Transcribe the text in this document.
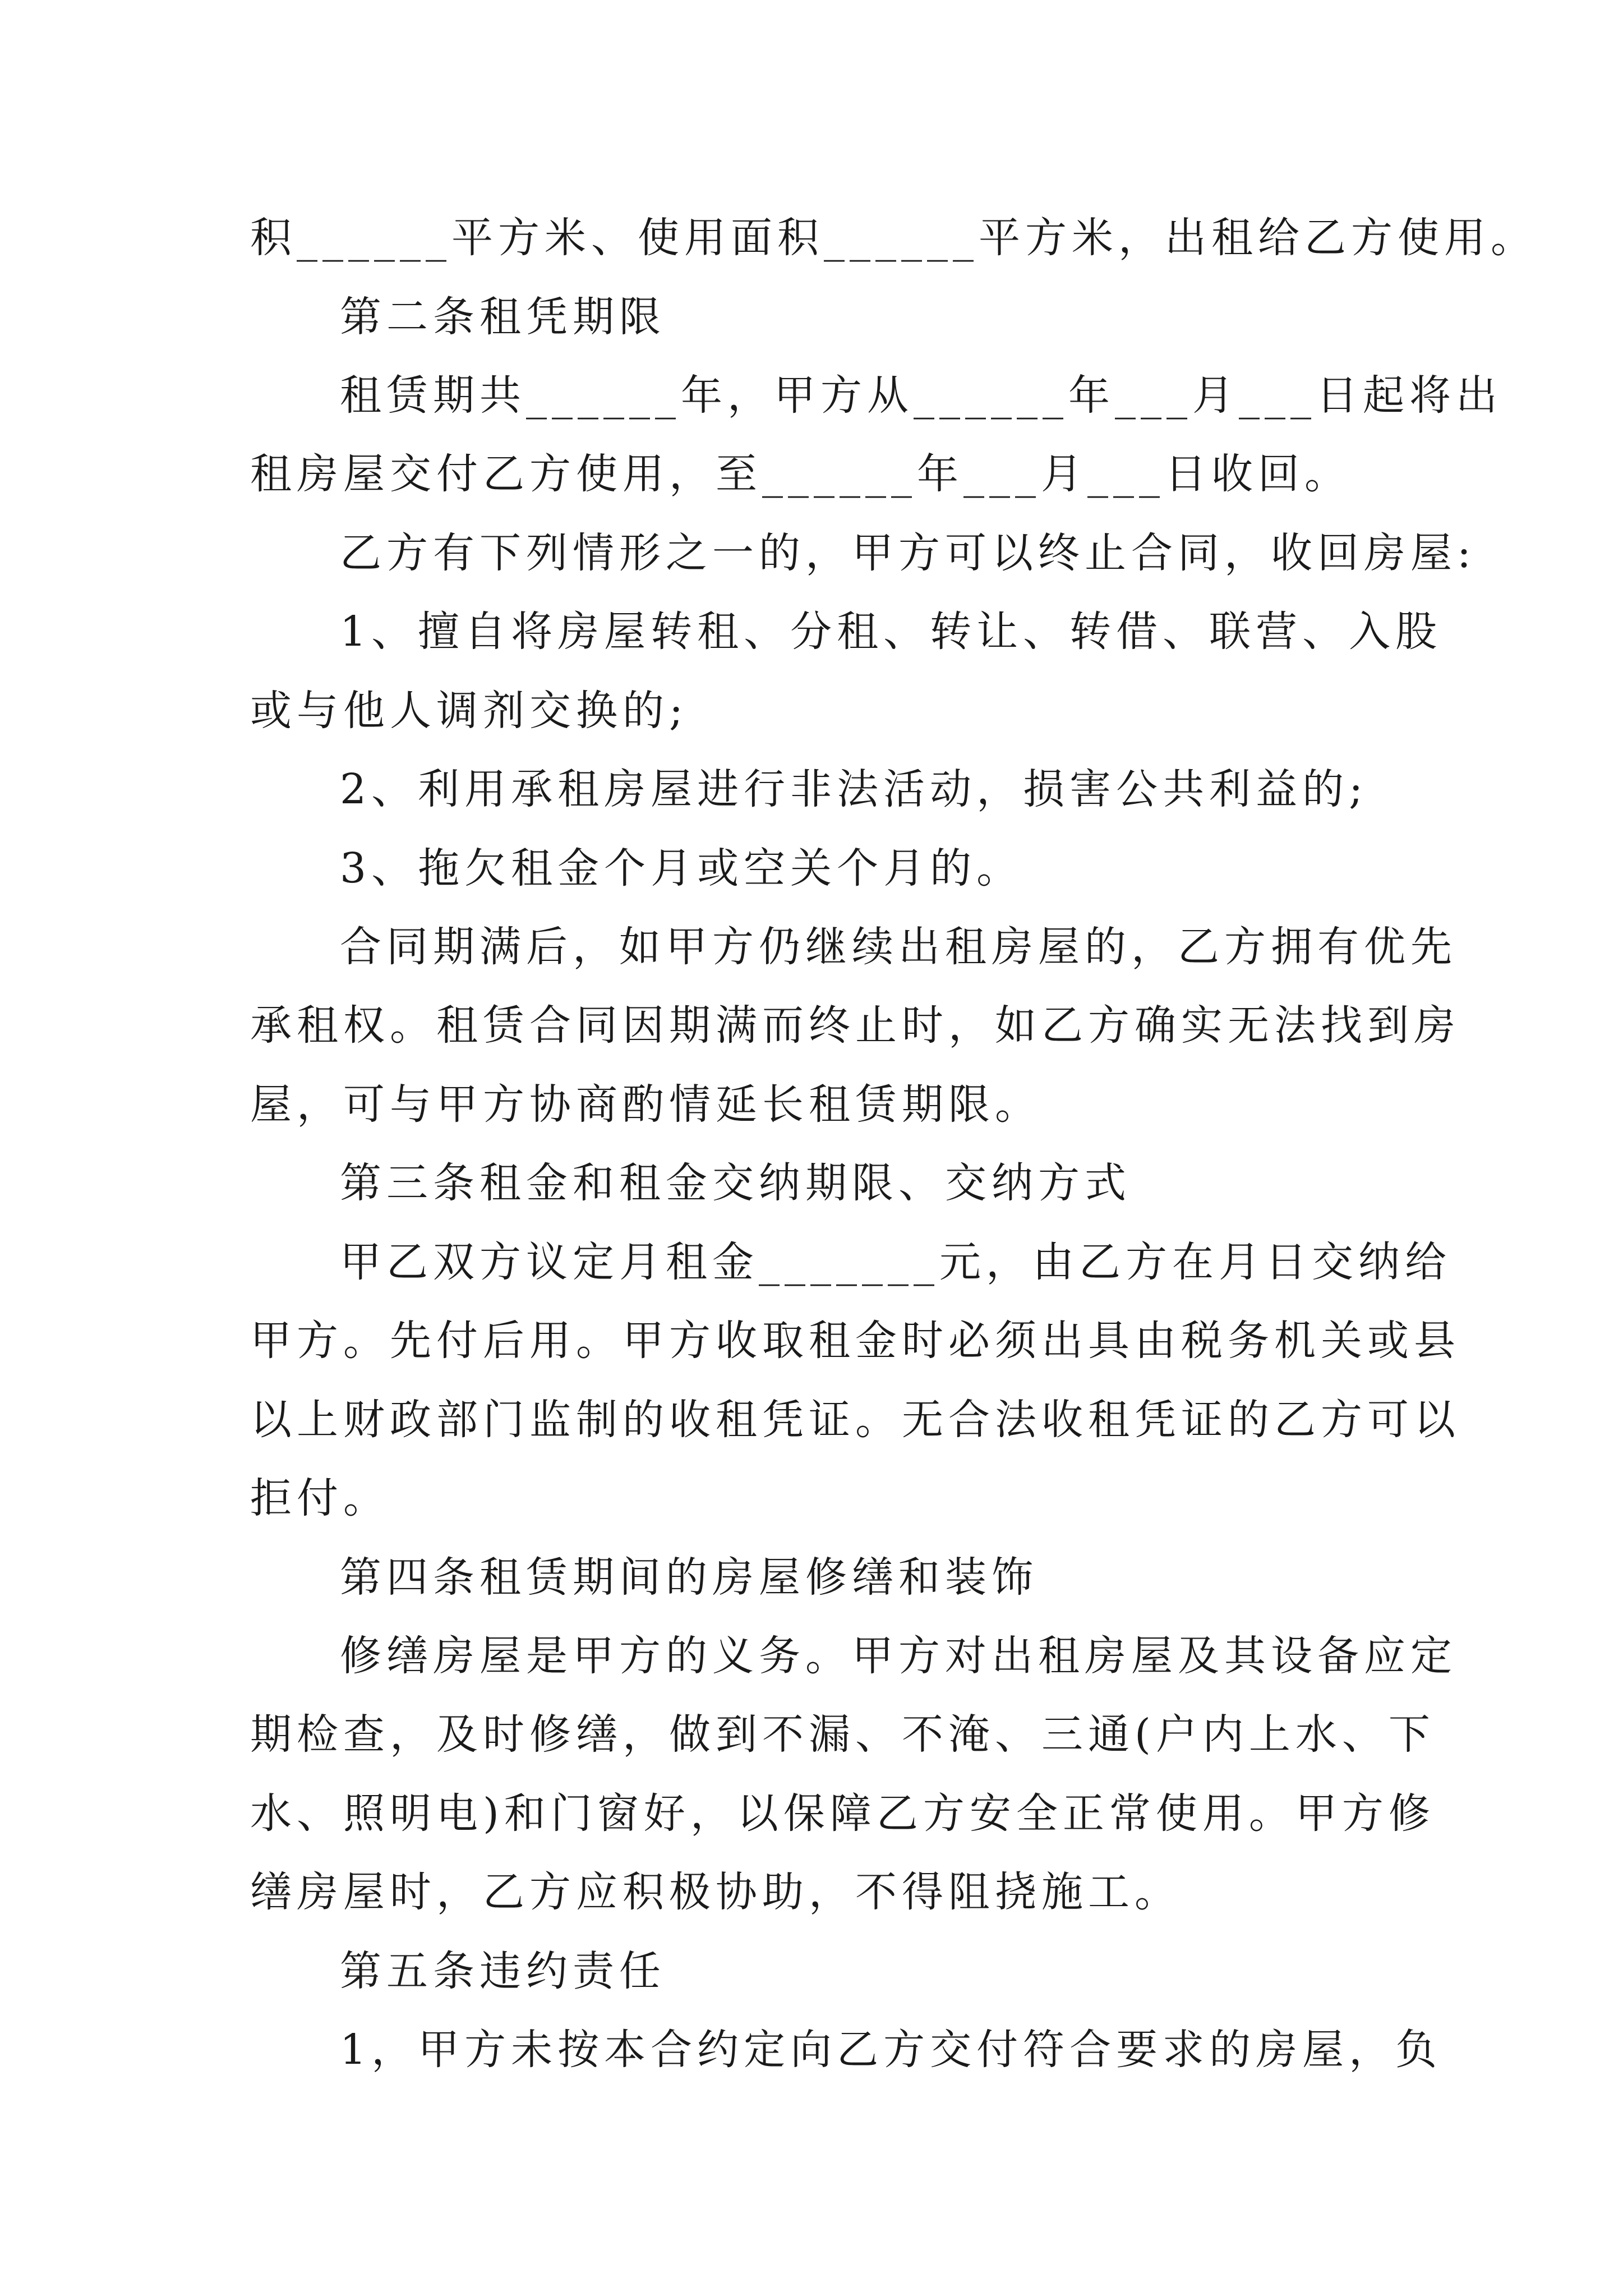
积______平方米、使用面积______平方米，出租给乙方使用。
第二条租凭期限
租赁期共______年，甲方从______年___月___日起将出
租房屋交付乙方使用，至______年___月___日收回。
乙方有下列情形之一的，甲方可以终止合同，收回房屋:
1、擅自将房屋转租、分租、转让、转借、联营、入股
或与他人调剂交换的;
2、利用承租房屋进行非法活动，损害公共利益的;
3、拖欠租金个月或空关个月的。
合同期满后，如甲方仍继续出租房屋的，乙方拥有优先
承租权。租赁合同因期满而终止时，如乙方确实无法找到房
屋，可与甲方协商酌情延长租赁期限。
第三条租金和租金交纳期限、交纳方式
甲乙双方议定月租金_______元，由乙方在月日交纳给
甲方。先付后用。甲方收取租金时必须出具由税务机关或县
以上财政部门监制的收租凭证。无合法收租凭证的乙方可以
拒付。
第四条租赁期间的房屋修缮和装饰
修缮房屋是甲方的义务。甲方对出租房屋及其设备应定
期检查，及时修缮，做到不漏、不淹、三通(户内上水、下
水、照明电)和门窗好，以保障乙方安全正常使用。甲方修
缮房屋时，乙方应积极协助，不得阻挠施工。
第五条违约责任
1，甲方未按本合约定向乙方交付符合要求的房屋，负
